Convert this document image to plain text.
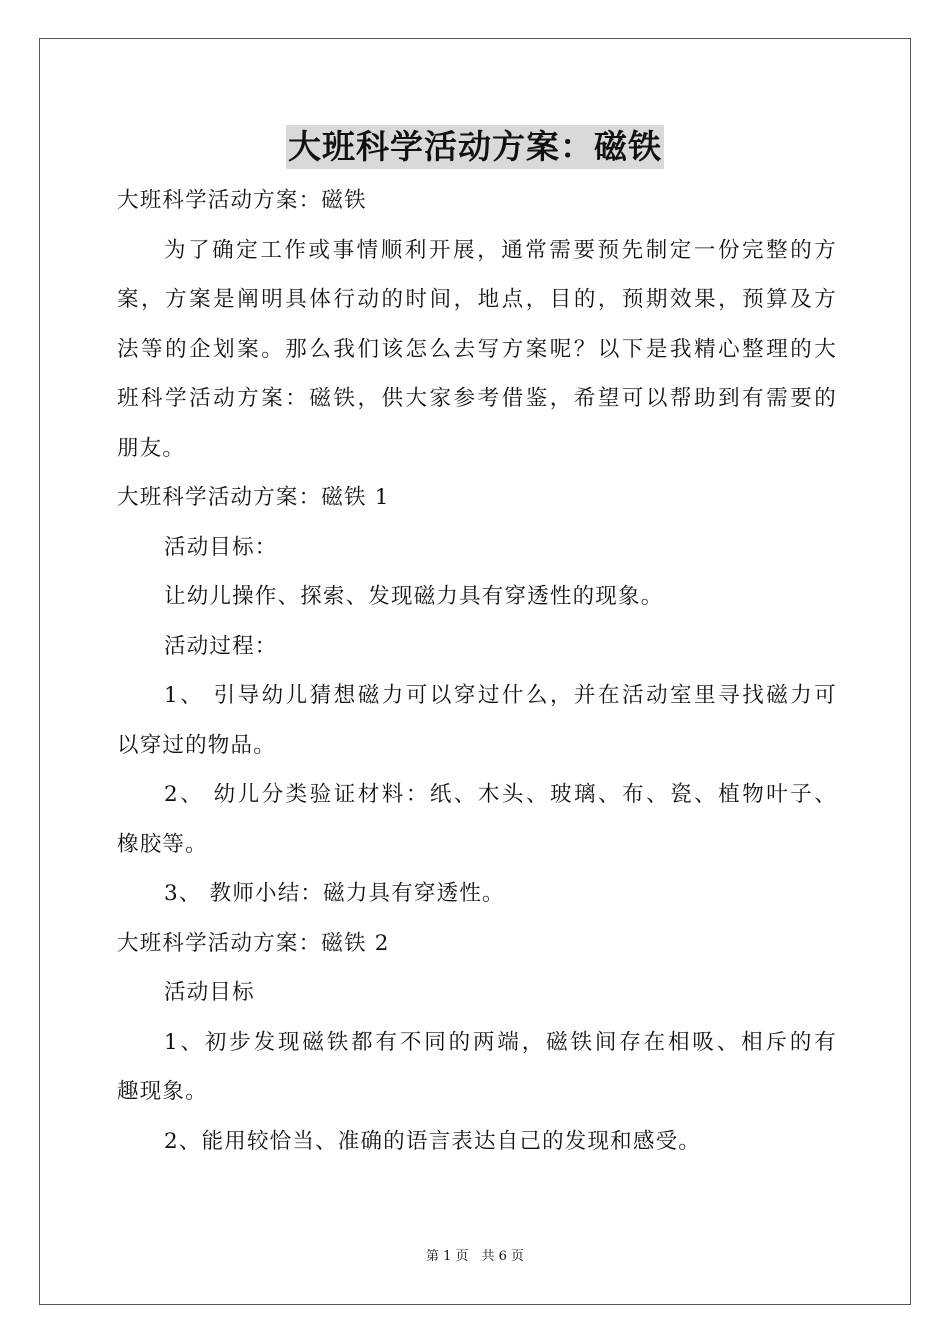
大班科学活动方案：磁铁
大班科学活动方案：磁铁
为了确定工作或事情顺利开展，通常需要预先制定一份完整的方
案，方案是阐明具体行动的时间，地点，目的，预期效果，预算及方
法等的企划案。那么我们该怎么去写方案呢？以下是我精心整理的大
班科学活动方案：磁铁，供大家参考借鉴，希望可以帮助到有需要的
朋友。
大班科学活动方案：磁铁 1
活动目标：
让幼儿操作、探索、发现磁力具有穿透性的现象。
活动过程：
1、 引导幼儿猜想磁力可以穿过什么，并在活动室里寻找磁力可
以穿过的物品。
2、 幼儿分类验证材料：纸、木头、玻璃、布、瓷、植物叶子、
橡胶等。
3、 教师小结：磁力具有穿透性。
大班科学活动方案：磁铁 2
活动目标
1、初步发现磁铁都有不同的两端，磁铁间存在相吸、相斥的有
趣现象。
2、能用较恰当、准确的语言表达自己的发现和感受。
第 1 页　共 6 页
